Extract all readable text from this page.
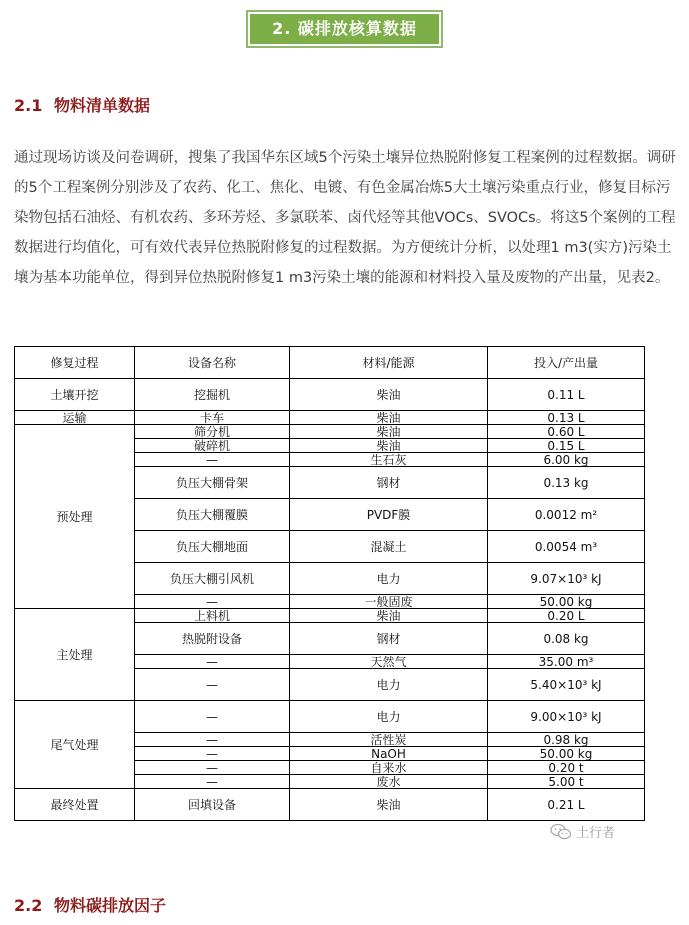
2. 碳排放核算数据
2.1 物料清单数据
通过现场访谈及问卷调研，搜集了我国华东区域5个污染土壤异位热脱附修复工程案例的过程数据。调研的5个工程案例分别涉及了农药、化工、焦化、电镀、有色金属冶炼5大土壤污染重点行业，修复目标污染物包括石油烃、有机农药、多环芳烃、多氯联苯、卤代烃等其他VOCs、SVOCs。将这5个案例的工程数据进行均值化，可有效代表异位热脱附修复的过程数据。为方便统计分析，以处理1 m3(实方)污染土壤为基本功能单位，得到异位热脱附修复1 m3污染土壤的能源和材料投入量及废物的产出量，见表2。
修复过程	设备名称	材料/能源	投入/产出量
土壤开挖	挖掘机	柴油	0.11 L
运输	卡车	柴油	0.13 L
预处理	筛分机	柴油	0.60 L
	破碎机	柴油	0.15 L
	—	生石灰	6.00 kg
	负压大棚骨架	钢材	0.13 kg
	负压大棚覆膜	PVDF膜	0.0012 m²
	负压大棚地面	混凝土	0.0054 m³
	负压大棚引风机	电力	9.07×10³ kJ
	—	一般固废	50.00 kg
主处理	上料机	柴油	0.20 L
	热脱附设备	钢材	0.08 kg
	—	天然气	35.00 m³
	—	电力	5.40×10³ kJ
尾气处理	—	电力	9.00×10³ kJ
	—	活性炭	0.98 kg
	—	NaOH	50.00 kg
	—	自来水	0.20 t
	—	废水	5.00 t
最终处置	回填设备	柴油	0.21 L
土行者
2.2 物料碳排放因子
